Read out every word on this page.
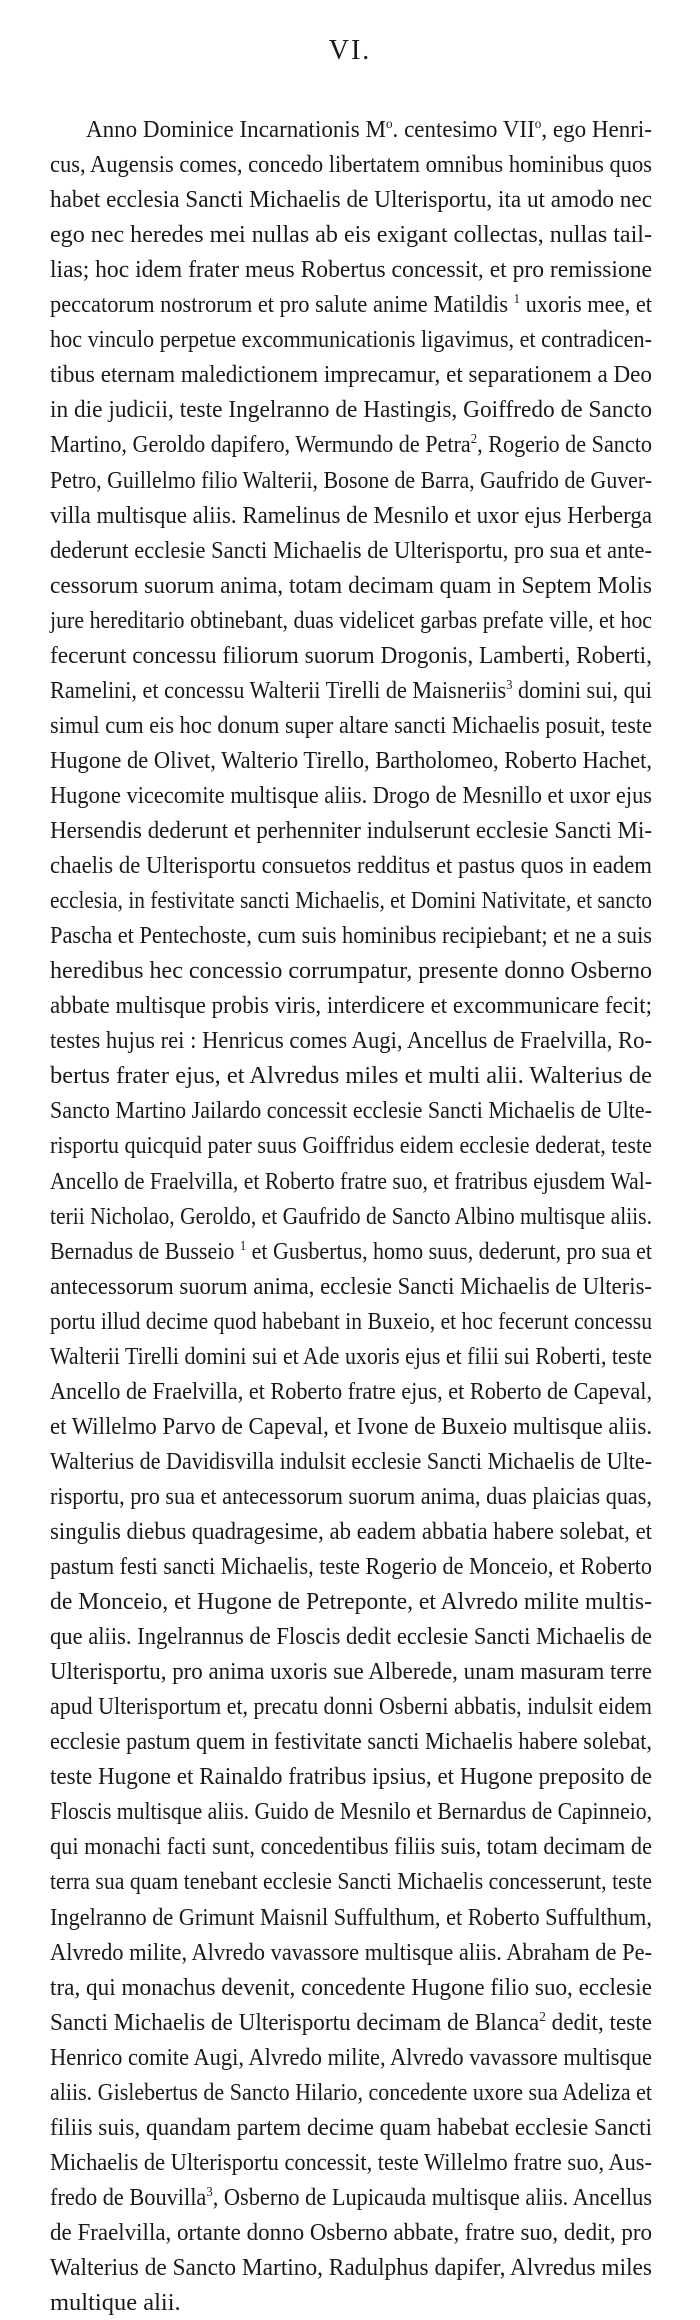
VI.
Anno Dominice Incarnationis $M^o$. centesimo VII$^o$, ego Henri-
cus, Augensis comes, concedo libertatem omnibus hominibus quos
habet ecclesia Sancti Michaelis de Ulterisportu, ita ut amodo nec
ego nec heredes mei nullas ab eis exigant collectas, nullas tail-
lias; hoc idem frater meus Robertus concessit, et pro remissione
peccatorum nostrorum et pro salute anime Matildis $^1$ uxoris mee, et
hoc vinculo perpetue excommunicationis ligavimus, et contradicen-
tibus eternam maledictionem imprecamur, et separationem a Deo
in die judicii, teste Ingelranno de Hastingis, Goiffredo de Sancto
Martino, Geroldo dapifero, Wermundo de Petra$^2$, Rogerio de Sancto
Petro, Guillelmo filio Walterii, Bosone de Barra, Gaufrido de Guver-
villa multisque aliis. Ramelinus de Mesnilo et uxor ejus Herberga
dederunt ecclesie Sancti Michaelis de Ulterisportu, pro sua et ante-
cessorum suorum anima, totam decimam quam in Septem Molis
jure hereditario obtinebant, duas videlicet garbas prefate ville, et hoc
fecerunt concessu filiorum suorum Drogonis, Lamberti, Roberti,
Ramelini, et concessu Walterii Tirelli de Maisneriis$^3$ domini sui, qui
simul cum eis hoc donum super altare sancti Michaelis posuit, teste
Hugone de Olivet, Walterio Tirello, Bartholomeo, Roberto Hachet,
Hugone vicecomite multisque aliis. Drogo de Mesnillo et uxor ejus
Hersendis dederunt et perhenniter indulserunt ecclesie Sancti Mi-
chaelis de Ulterisportu consuetos redditus et pastus quos in eadem
ecclesia, in festivitate sancti Michaelis, et Domini Nativitate, et sancto
Pascha et Pentechoste, cum suis hominibus recipiebant; et ne a suis
heredibus hec concessio corrumpatur, presente donno Osberno
abbate multisque probis viris, interdicere et excommunicare fecit;
testes hujus rei : Henricus comes Augi, Ancellus de Fraelvilla, Ro-
bertus frater ejus, et Alvredus miles et multi alii. Walterius de
Sancto Martino Jailardo concessit ecclesie Sancti Michaelis de Ulte-
risportu quicquid pater suus Goiffridus eidem ecclesie dederat, teste
Ancello de Fraelvilla, et Roberto fratre suo, et fratribus ejusdem Wal-
terii Nicholao, Geroldo, et Gaufrido de Sancto Albino multisque aliis.
Bernadus de Busseio $^1$ et Gusbertus, homo suus, dederunt, pro sua et
antecessorum suorum anima, ecclesie Sancti Michaelis de Ulteris-
portu illud decime quod habebant in Buxeio, et hoc fecerunt concessu
Walterii Tirelli domini sui et Ade uxoris ejus et filii sui Roberti, teste
Ancello de Fraelvilla, et Roberto fratre ejus, et Roberto de Capeval,
et Willelmo Parvo de Capeval, et Ivone de Buxeio multisque aliis.
Walterius de Davidisvilla indulsit ecclesie Sancti Michaelis de Ulte-
risportu, pro sua et antecessorum suorum anima, duas plaicias quas,
singulis diebus quadragesime, ab eadem abbatia habere solebat, et
pastum festi sancti Michaelis, teste Rogerio de Monceio, et Roberto
de Monceio, et Hugone de Petreponte, et Alvredo milite multis-
que aliis. Ingelrannus de Floscis dedit ecclesie Sancti Michaelis de
Ulterisportu, pro anima uxoris sue Alberede, unam masuram terre
apud Ulterisportum et, precatu donni Osberni abbatis, indulsit eidem
ecclesie pastum quem in festivitate sancti Michaelis habere solebat,
teste Hugone et Rainaldo fratribus ipsius, et Hugone preposito de
Floscis multisque aliis. Guido de Mesnilo et Bernardus de Capinneio,
qui monachi facti sunt, concedentibus filiis suis, totam decimam de
terra sua quam tenebant ecclesie Sancti Michaelis concesserunt, teste
Ingelranno de Grimunt Maisnil Suffulthum, et Roberto Suffulthum,
Alvredo milite, Alvredo vavassore multisque aliis. Abraham de Pe-
tra, qui monachus devenit, concedente Hugone filio suo, ecclesie
Sancti Michaelis de Ulterisportu decimam de Blanca$^2$ dedit, teste
Henrico comite Augi, Alvredo milite, Alvredo vavassore multisque
aliis. Gislebertus de Sancto Hilario, concedente uxore sua Adeliza et
filiis suis, quandam partem decime quam habebat ecclesie Sancti
Michaelis de Ulterisportu concessit, teste Willelmo fratre suo, Aus-
fredo de Bouvilla$^3$, Osberno de Lupicauda multisque aliis. Ancellus
de Fraelvilla, ortante donno Osberno abbate, fratre suo, dedit, pro
Walterius de Sancto Martino, Radulphus dapifer, Alvredus miles
multique alii.
